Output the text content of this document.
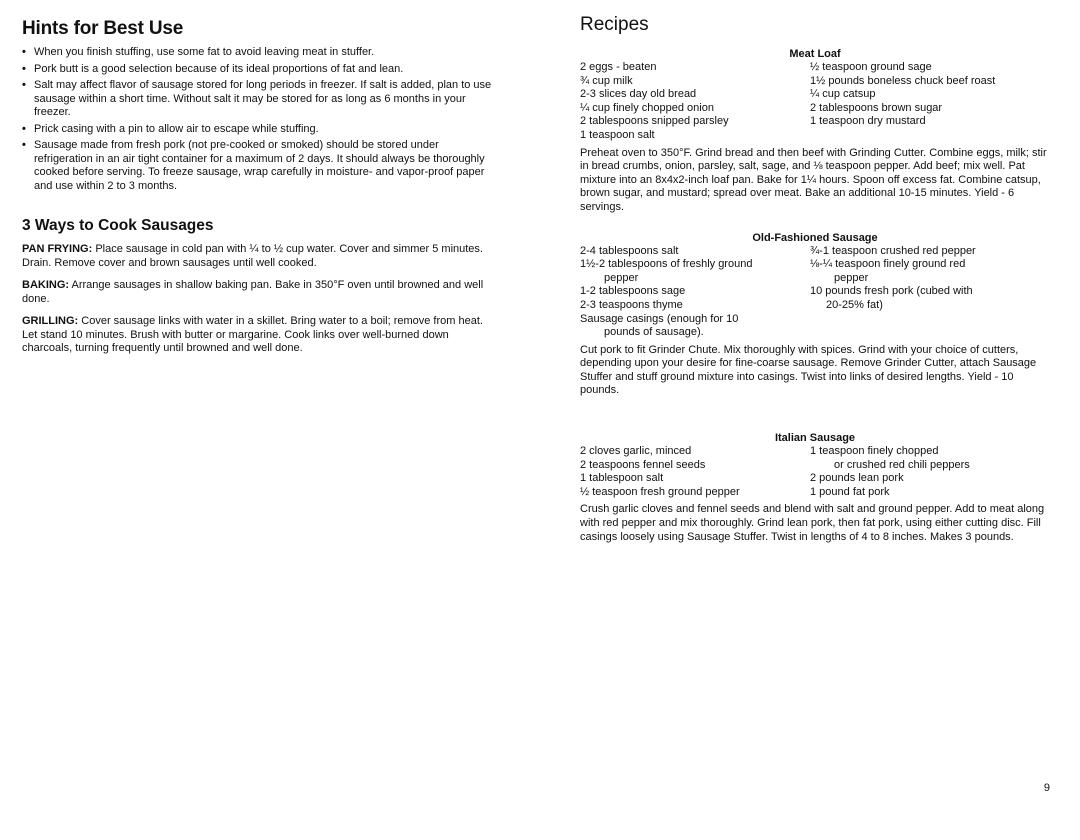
Hints for Best Use
• When you finish stuffing, use some fat to avoid leaving meat in stuffer.
• Pork butt is a good selection because of its ideal proportions of fat and lean.
• Salt may affect flavor of sausage stored for long periods in freezer. If salt is added, plan to use sausage within a short time. Without salt it may be stored for as long as 6 months in your freezer.
• Prick casing with a pin to allow air to escape while stuffing.
• Sausage made from fresh pork (not pre-cooked or smoked) should be stored under refrigeration in an air tight container for a maximum of 2 days. It should always be thoroughly cooked before serving. To freeze sausage, wrap carefully in moisture- and vapor-proof paper and use within 2 to 3 months.
3 Ways to Cook Sausages

PAN FRYING: Place sausage in cold pan with ¼ to ½ cup water. Cover and simmer 5 minutes. Drain. Remove cover and brown sausages until well cooked.

BAKING: Arrange sausages in shallow baking pan. Bake in 350°F oven until browned and well done.

GRILLING: Cover sausage links with water in a skillet. Bring water to a boil; remove from heat. Let stand 10 minutes. Brush with butter or margarine. Cook links over well-burned down charcoals, turning frequently until browned and well done.

Recipes
Meat Loaf
2 eggs - beaten
¾ cup milk
2-3 slices day old bread
¼ cup finely chopped onion
2 tablespoons snipped parsley
1 teaspoon salt
½ teaspoon ground sage
1½ pounds boneless chuck beef roast
¼ cup catsup
2 tablespoons brown sugar
1 teaspoon dry mustard

Preheat oven to 350°F. Grind bread and then beef with Grinding Cutter. Combine eggs, milk; stir in bread crumbs, onion, parsley, salt, sage, and ⅛ teaspoon pepper. Add beef; mix well. Pat mixture into an 8x4x2-inch loaf pan. Bake for 1¼ hours. Spoon off excess fat. Combine catsup, brown sugar, and mustard; spread over meat. Bake an additional 10-15 minutes. Yield - 6 servings.

Old-Fashioned Sausage
2-4 tablespoons salt
1½-2 tablespoons of freshly ground
pepper
1-2 tablespoons sage
2-3 teaspoons thyme
Sausage casings (enough for 10
pounds of sausage).
¾-1 teaspoon crushed red pepper
⅛-¼ teaspoon finely ground red
pepper
10 pounds fresh pork (cubed with
20-25% fat)

Cut pork to fit Grinder Chute. Mix thoroughly with spices. Grind with your choice of cutters, depending upon your desire for fine-coarse sausage. Remove Grinder Cutter, attach Sausage Stuffer and stuff ground mixture into casings. Twist into links of desired lengths. Yield - 10 pounds.

Italian Sausage
2 cloves garlic, minced
2 teaspoons fennel seeds
1 tablespoon salt
½ teaspoon fresh ground pepper
1 teaspoon finely chopped
or crushed red chili peppers
2 pounds lean pork
1 pound fat pork

Crush garlic cloves and fennel seeds and blend with salt and ground pepper. Add to meat along with red pepper and mix thoroughly. Grind lean pork, then fat pork, using either cutting disc. Fill casings loosely using Sausage Stuffer. Twist in lengths of 4 to 8 inches. Makes 3 pounds.

9
